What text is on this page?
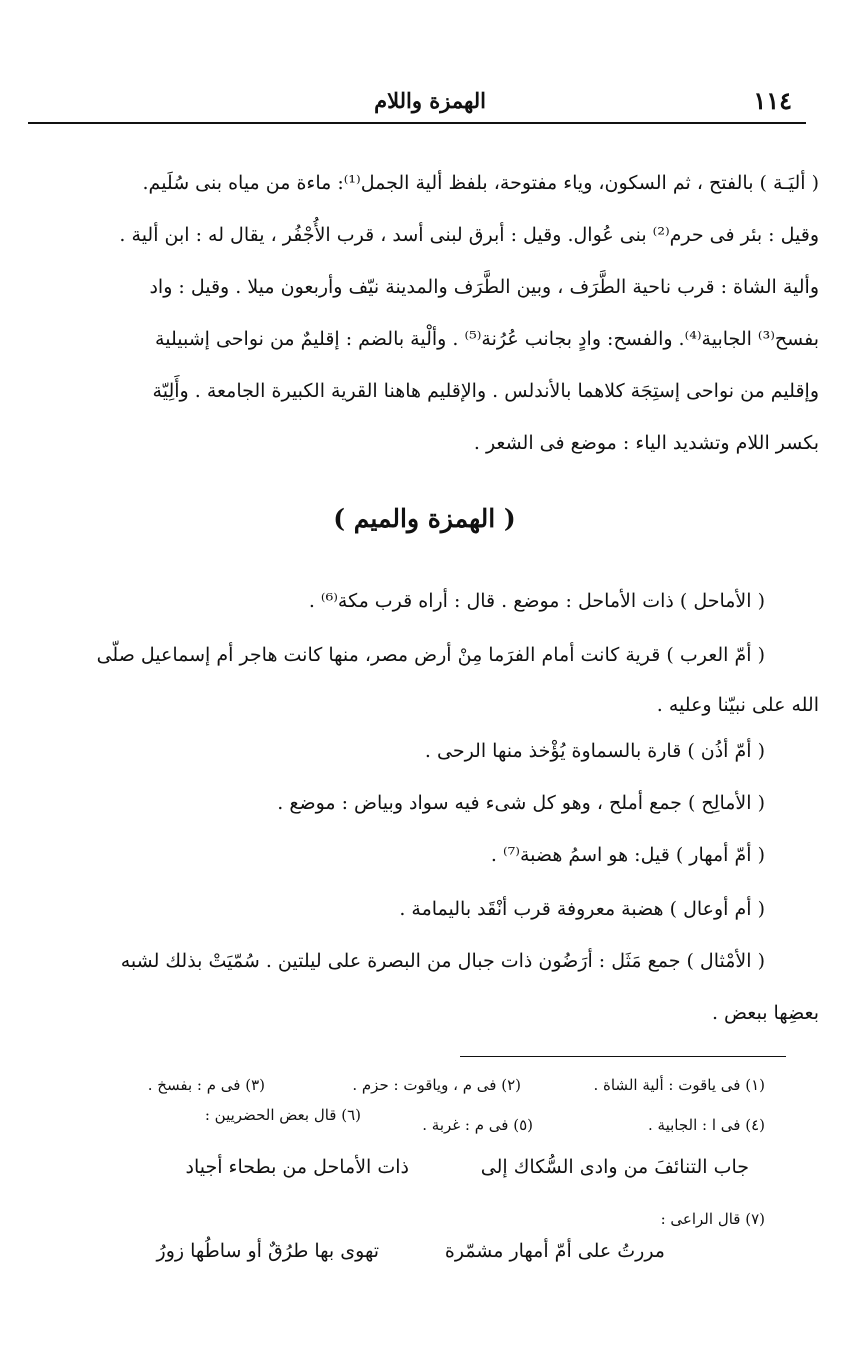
١١٤
الهمزة واللام
( أليَـة ) بالفتح ، ثم السكون، وياء مفتوحة، بلفظ ألية الجمل⁽¹⁾: ماءة من مياه بنى سُلَيم.
وقيل : بئر فى حرم⁽²⁾ بنى عُوال. وقيل : أبرق لبنى أسد ، قرب الأُجْفُر ، يقال له : ابن ألية .
وألية الشاة : قرب ناحية الطَّرَف ، وبين الطَّرَف والمدينة نيّف وأربعون ميلا . وقيل : واد
بفسح⁽³⁾ الجابية⁽⁴⁾. والفسح: وادٍ بجانب عُرُنة⁽⁵⁾ . وألْية بالضم : إقليمٌ من نواحى إشبيلية
وإقليم من نواحى إستِجَة كلاهما بالأندلس . والإقليم هاهنا القرية الكبيرة الجامعة . وأَلِيّة
بكسر اللام وتشديد الياء : موضع فى الشعر .
( الهمزة والميم )
( الأماحل ) ذات الأماحل : موضع . قال : أراه قرب مكة⁽⁶⁾ .
( أمّ العرب ) قرية كانت أمام الفرَما مِنْ أرض مصر، منها كانت هاجر أم إسماعيل صلّى
الله على نبيّنا وعليه .
( أمّ أذُن ) قارة بالسماوة يُؤْخذ منها الرحى .
( الأمالِح ) جمع أملح ، وهو كل شىء فيه سواد وبياض : موضع .
( أمّ أمهار ) قيل: هو اسمُ هضبة⁽⁷⁾ .
( أم أوعال ) هضبة معروفة قرب أنْقَد باليمامة .
( الأمْثال ) جمع مَثَل : أرَضُون ذات جبال من البصرة على ليلتين . سُمّيَتْ بذلك لشبه
بعضِها ببعض .
(١) فى ياقوت : ألية الشاة .
(٢) فى م ، وياقوت : حزم .
(٣) فى م : بفسخ .
(٤) فى ا : الجابية .
(٥) فى م : غربة .
(٦) قال بعض الحضريين :
جاب التنائفَ من وادى السُّكاك إلى
ذات الأماحل من بطحاء أجياد
(٧) قال الراعى :
مررتُ على أمّ أمهار مشمّرة
تهوى بها طرُقٌ أو ساطُها زورُ
